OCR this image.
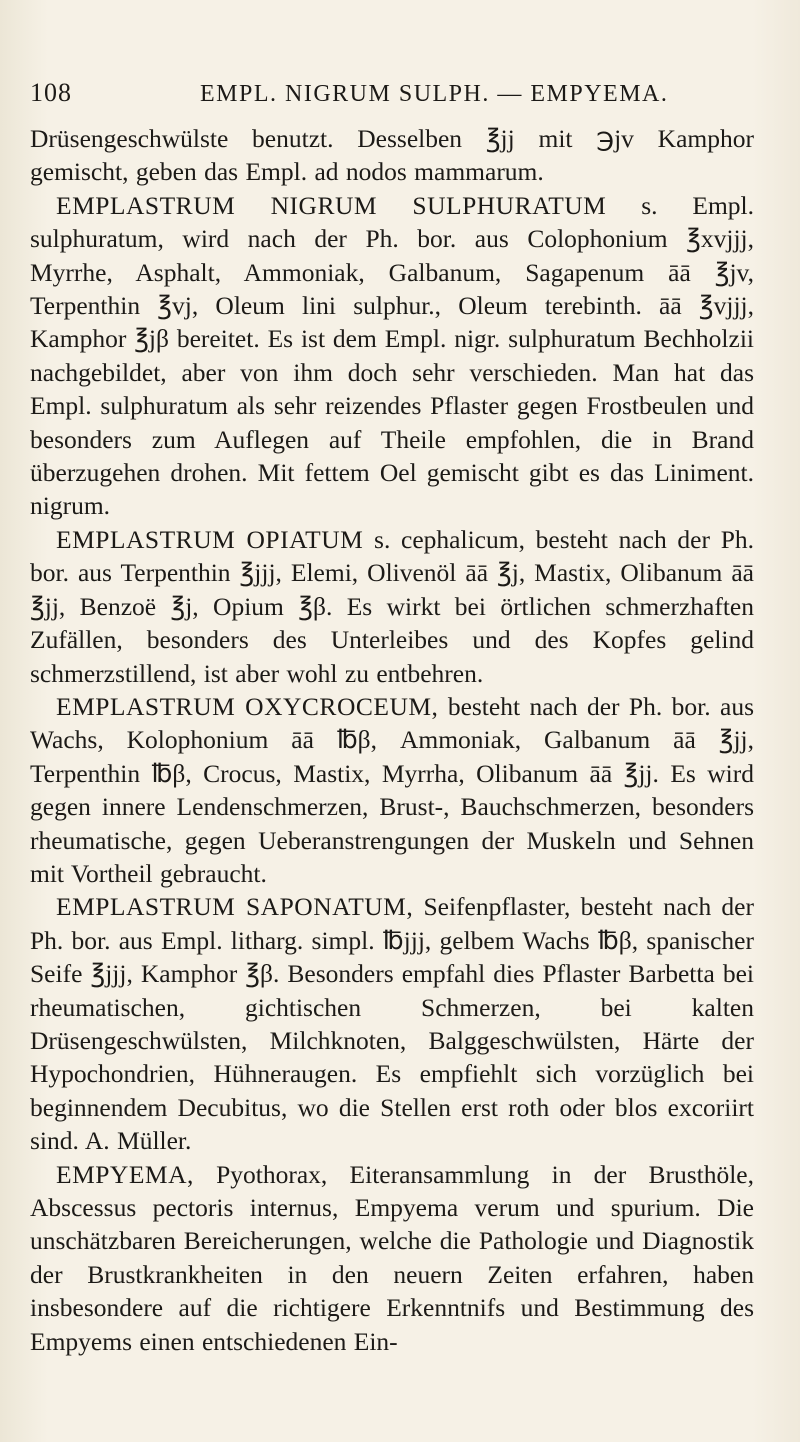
108	EMPL. NIGRUM SULPH. — EMPYEMA.

Drüsengeschwülste benutzt. Desselben ℥jj mit ℈jv Kamphor gemischt, geben das Empl. ad nodos mammarum.

EMPLASTRUM NIGRUM SULPHURATUM s. Empl. sulphuratum, wird nach der Ph. bor. aus Colophonium ℥xvjjj, Myrrhe, Asphalt, Ammoniak, Galbanum, Sagapenum āā ℥jv, Terpenthin ℥vj, Oleum lini sulphur., Oleum terebinth. āā ℥vjjj, Kamphor ℥jβ bereitet. Es ist dem Empl. nigr. sulphuratum Bechholzii nachgebildet, aber von ihm doch sehr verschieden. Man hat das Empl. sulphuratum als sehr reizendes Pflaster gegen Frostbeulen und besonders zum Auflegen auf Theile empfohlen, die in Brand überzugehen drohen. Mit fettem Oel gemischt gibt es das Liniment. nigrum.

EMPLASTRUM OPIATUM s. cephalicum, besteht nach der Ph. bor. aus Terpenthin ℥jjj, Elemi, Olivenöl āā ℥j, Mastix, Olibanum āā ℥jj, Benzoë ℥j, Opium ℥β. Es wirkt bei örtlichen schmerzhaften Zufällen, besonders des Unterleibes und des Kopfes gelind schmerzstillend, ist aber wohl zu entbehren.

EMPLASTRUM OXYCROCEUM, besteht nach der Ph. bor. aus Wachs, Kolophonium āā ℔β, Ammoniak, Galbanum āā ℥jj, Terpenthin ℔β, Crocus, Mastix, Myrrha, Olibanum āā ℥jj. Es wird gegen innere Lendenschmerzen, Brust-, Bauchschmerzen, besonders rheumatische, gegen Ueberanstrengungen der Muskeln und Sehnen mit Vortheil gebraucht.

EMPLASTRUM SAPONATUM, Seifenpflaster, besteht nach der Ph. bor. aus Empl. litharg. simpl. ℔jjj, gelbem Wachs ℔β, spanischer Seife ℥jjj, Kamphor ℥β. Besonders empfahl dies Pflaster Barbetta bei rheumatischen, gichtischen Schmerzen, bei kalten Drüsengeschwülsten, Milchknoten, Balggeschwülsten, Härte der Hypochondrien, Hühneraugen. Es empfiehlt sich vorzüglich bei beginnendem Decubitus, wo die Stellen erst roth oder blos excoriirt sind. A. Müller.

EMPYEMA, Pyothorax, Eiteransammlung in der Brusthöle, Abscessus pectoris internus, Empyema verum und spurium. Die unschätzbaren Bereicherungen, welche die Pathologie und Diagnostik der Brustkrankheiten in den neuern Zeiten erfahren, haben insbesondere auf die richtigere Erkenntnifs und Bestimmung des Empyems einen entschiedenen Ein-
